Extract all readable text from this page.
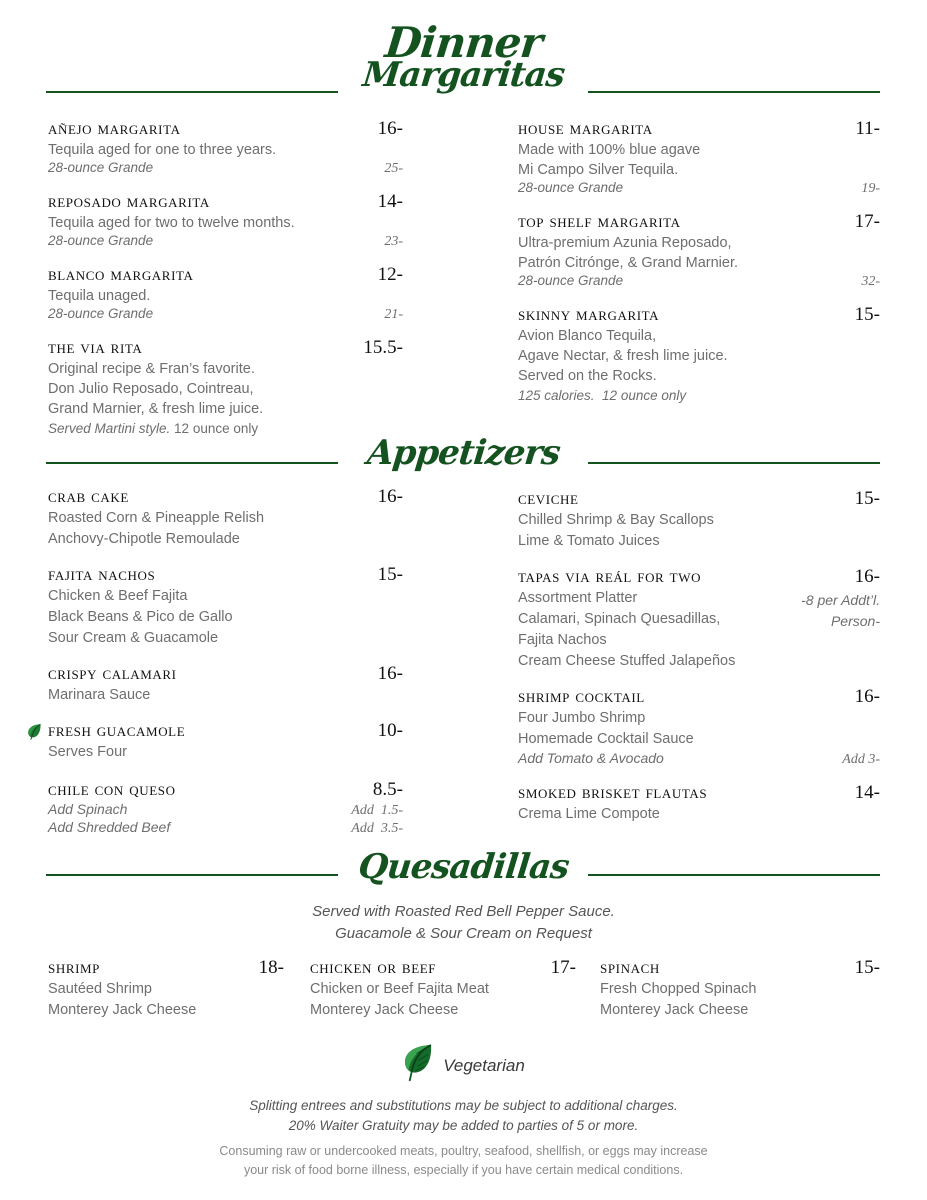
Dinner
Margaritas
añejo margarita	16-
Tequila aged for one to three years.
28-ounce Grande	25-
reposado margarita	14-
Tequila aged for two to twelve months.
28-ounce Grande	23-
blanco margarita	12-
Tequila unaged.
28-ounce Grande	21-
the via rita	15.5-
Original recipe & Fran’s favorite.
Don Julio Reposado, Cointreau,
Grand Marnier, & fresh lime juice.
Served Martini style. 12 ounce only
house margarita	11-
Made with 100% blue agave
Mi Campo Silver Tequila.
28-ounce Grande	19-
top shelf margarita	17-
Ultra-premium Azunia Reposado,
Patrón Citrónge, & Grand Marnier.
28-ounce Grande	32-
skinny margarita	15-
Avion Blanco Tequila,
Agave Nectar, & fresh lime juice.
Served on the Rocks.
125 calories.  12 ounce only
Appetizers
crab cake	16-
Roasted Corn & Pineapple Relish
Anchovy-Chipotle Remoulade
fajita nachos	15-
Chicken & Beef Fajita
Black Beans & Pico de Gallo
Sour Cream & Guacamole
crispy calamari	16-
Marinara Sauce
fresh guacamole	10-
Serves Four
chile con queso	8.5-
Add Spinach	Add  1.5-
Add Shredded Beef	Add  3.5-
ceviche	15-
Chilled Shrimp & Bay Scallops
Lime & Tomato Juices
tapas via reál for two	16-
-8 per Addt’l.
Person-
Assortment Platter
Calamari, Spinach Quesadillas,
Fajita Nachos
Cream Cheese Stuffed Jalapeños
shrimp cocktail	16-
Four Jumbo Shrimp
Homemade Cocktail Sauce
Add Tomato & Avocado	Add 3-
smoked brisket flautas	14-
Crema Lime Compote
Quesadillas
Served with Roasted Red Bell Pepper Sauce.
Guacamole & Sour Cream on Request
shrimp	18-
Sautéed Shrimp
Monterey Jack Cheese
chicken or beef	17-
Chicken or Beef Fajita Meat
Monterey Jack Cheese
spinach	15-
Fresh Chopped Spinach
Monterey Jack Cheese
Vegetarian
Splitting entrees and substitutions may be subject to additional charges.
20% Waiter Gratuity may be added to parties of 5 or more.
Consuming raw or undercooked meats, poultry, seafood, shellfish, or eggs may increase
your risk of food borne illness, especially if you have certain medical conditions.
